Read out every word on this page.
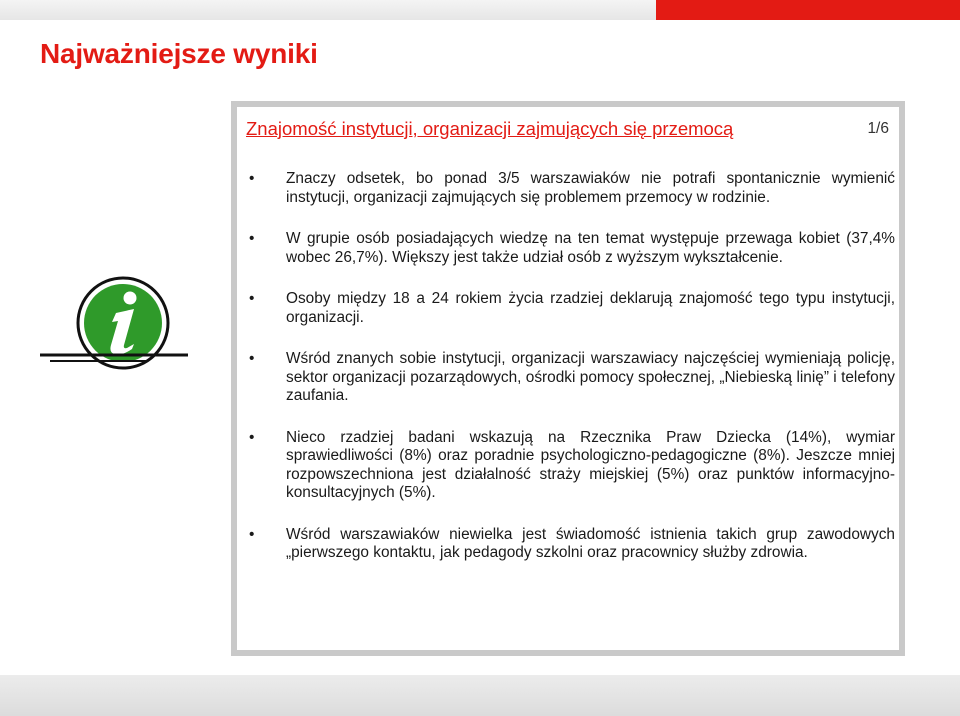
Najważniejsze wyniki
Znajomość instytucji, organizacji zajmujących się przemocą	1/6
• Znaczy odsetek, bo ponad 3/5 warszawiaków nie potrafi spontanicznie wymienić instytucji, organizacji zajmujących się problemem przemocy w rodzinie.
• W grupie osób posiadających wiedzę na ten temat występuje przewaga kobiet (37,4% wobec 26,7%). Większy jest także udział osób z wyższym wykształcenie.
• Osoby między 18 a 24 rokiem życia rzadziej deklarują znajomość tego typu instytucji, organizacji.
• Wśród znanych sobie instytucji, organizacji warszawiacy najczęściej wymieniają policję, sektor organizacji pozarządowych, ośrodki pomocy społecznej, „Niebieską linię” i telefony zaufania.
• Nieco rzadziej badani wskazują na Rzecznika Praw Dziecka (14%), wymiar sprawiedliwości (8%) oraz poradnie psychologiczno-pedagogiczne (8%). Jeszcze mniej rozpowszechniona jest działalność straży miejskiej (5%) oraz punktów informacyjno-konsultacyjnych (5%).
• Wśród warszawiaków niewielka jest świadomość istnienia takich grup zawodowych „pierwszego kontaktu, jak pedagody szkolni oraz pracownicy służby zdrowia.
